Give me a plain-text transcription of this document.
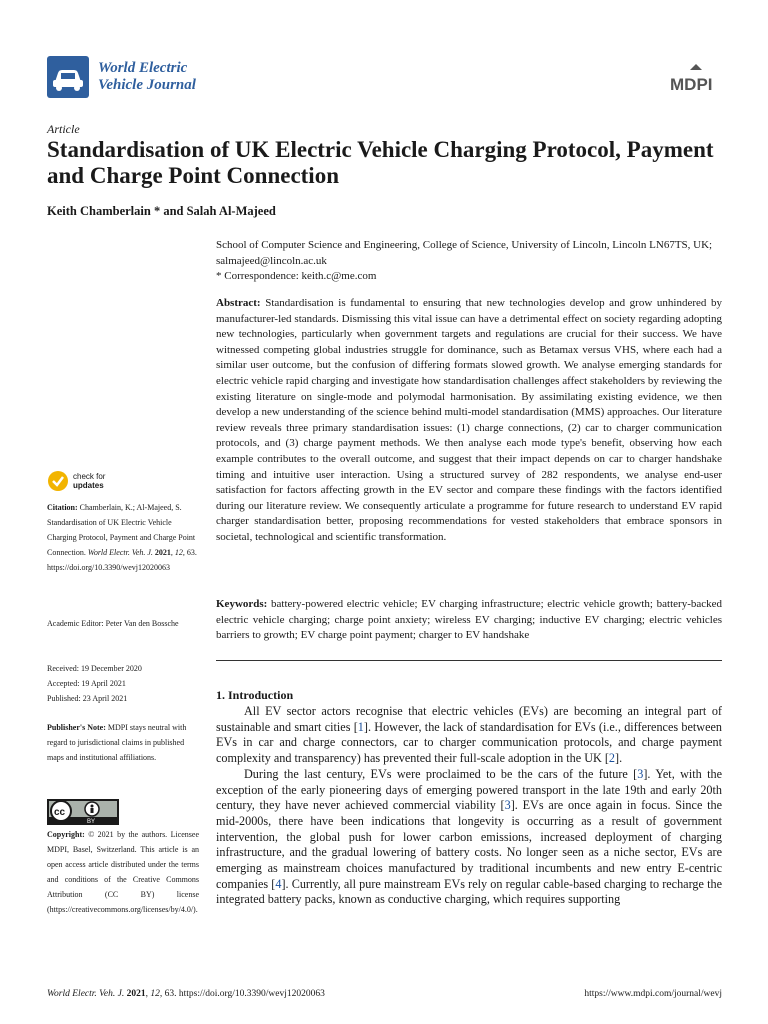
World Electric
Vehicle Journal	MDPI
Article
Standardisation of UK Electric Vehicle Charging Protocol, Payment and Charge Point Connection
Keith Chamberlain * and Salah Al-Majeed
School of Computer Science and Engineering, College of Science, University of Lincoln, Lincoln LN67TS, UK;
salmajeed@lincoln.ac.uk
* Correspondence: keith.c@me.com
Abstract: Standardisation is fundamental to ensuring that new technologies develop and grow unhindered by manufacturer-led standards. Dismissing this vital issue can have a detrimental effect on society regarding adopting new technologies, particularly when government targets and regulations are crucial for their success. We have witnessed competing global industries struggle for dominance, such as Betamax versus VHS, where each had a similar user outcome, but the confusion of differing formats slowed growth. We analyse emerging standards for electric vehicle rapid charging and investigate how standardisation challenges affect stakeholders by reviewing the existing literature on single-mode and polymodal harmonisation. By assimilating existing evidence, we then develop a new understanding of the science behind multi-model standardisation (MMS) approaches. Our literature review reveals three primary standardisation issues: (1) charge connections, (2) car to charger communication protocols, and (3) charge payment methods. We then analyse each mode type's benefit, observing how each example contributes to the overall outcome, and suggest that their impact depends on car to charger handshake timing and intuitive user interaction. Using a structured survey of 282 respondents, we analyse end-user satisfaction for factors affecting growth in the EV sector and compare these findings with the factors identified during our literature review. We consequently articulate a programme for future research to understand EV rapid charger standardisation better, proposing recommendations for vested stakeholders that embrace sponsors in societal, technological and scientific transformation.
Keywords: battery-powered electric vehicle; EV charging infrastructure; electric vehicle growth; battery-backed electric vehicle charging; charge point anxiety; wireless EV charging; inductive EV charging; electric vehicles barriers to growth; EV charge point payment; charger to EV handshake
check for
updates
Citation: Chamberlain, K.; Al-Majeed, S. Standardisation of UK Electric Vehicle Charging Protocol, Payment and Charge Point Connection. World Electr. Veh. J. 2021, 12, 63. https://doi.org/10.3390/wevj12020063
Academic Editor: Peter Van den Bossche
Received: 19 December 2020
Accepted: 19 April 2021
Published: 23 April 2021
Publisher's Note: MDPI stays neutral with regard to jurisdictional claims in published maps and institutional affiliations.
cc
BY
Copyright: © 2021 by the authors. Licensee MDPI, Basel, Switzerland. This article is an open access article distributed under the terms and conditions of the Creative Commons Attribution (CC BY) license (https://creativecommons.org/licenses/by/4.0/).
1. Introduction

All EV sector actors recognise that electric vehicles (EVs) are becoming an integral part of sustainable and smart cities [1]. However, the lack of standardisation for EVs (i.e., differences between EVs in car and charge connectors, car to charger communication protocols, and charge payment complexity and transparency) has prevented their full-scale adoption in the UK [2].

During the last century, EVs were proclaimed to be the cars of the future [3]. Yet, with the exception of the early pioneering days of emerging powered transport in the late 19th and early 20th century, they have never achieved commercial viability [3]. EVs are once again in focus. Since the mid-2000s, there have been indications that longevity is occurring as a result of government intervention, the global push for lower carbon emissions, increased deployment of charging infrastructure, and the gradual lowering of battery costs. No longer seen as a niche sector, EVs are emerging as mainstream choices manufactured by traditional incumbents and new entry E-centric companies [4]. Currently, all pure mainstream EVs rely on regular cable-based charging to recharge the integrated battery packs, known as conductive charging, which requires supporting

World Electr. Veh. J. 2021, 12, 63. https://doi.org/10.3390/wevj12020063	https://www.mdpi.com/journal/wevj
